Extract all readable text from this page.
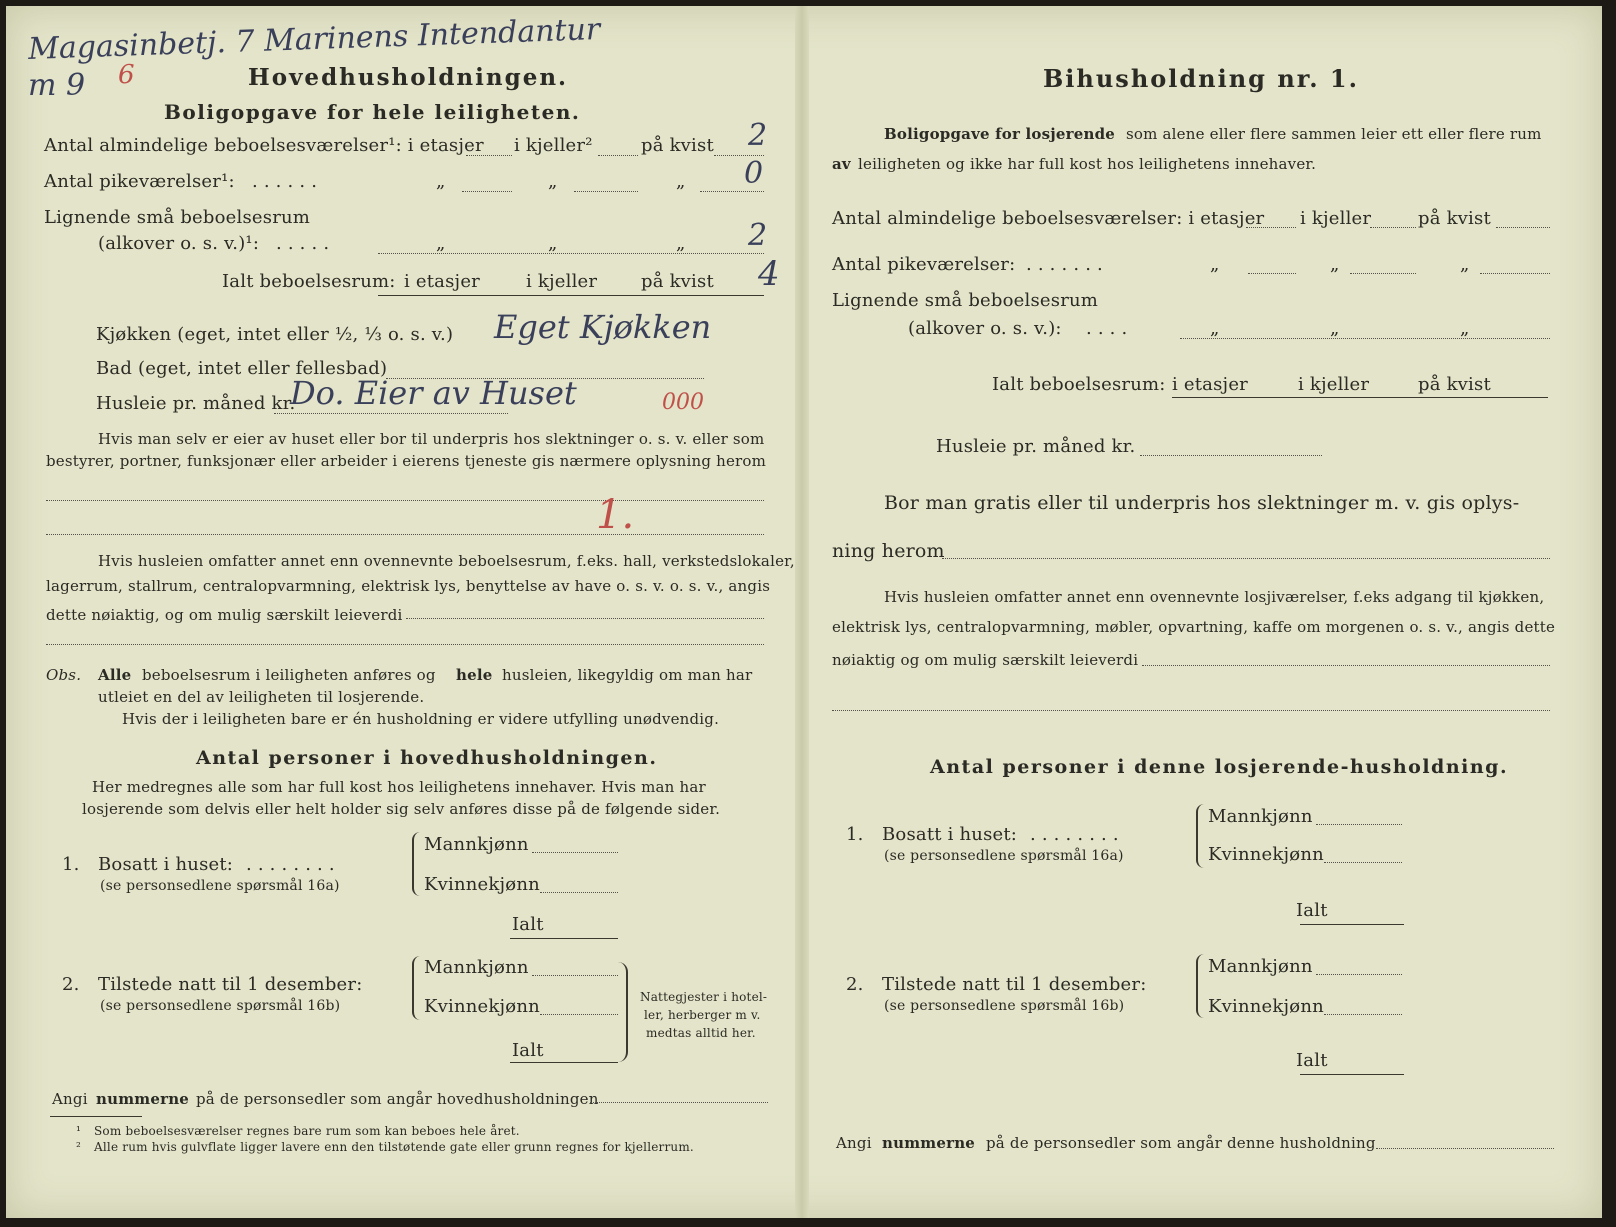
Magasinbetj. 7 Marinens Intendantur
m 9 6	Hovedhusholdningen.
Boligopgave for hele leiligheten.
Antal almindelige beboelsesværelser¹: i etasjer i kjeller²	på kvist 2
Antal pikeværelser¹: . . . . . .	„	„	„ 0
Lignende små beboelsesrum
(alkover o. s. v.)¹: . . . . .	„	„	„ 2
Ialt beboelsesrum: i etasjer	i kjeller på kvist 4
Kjøkken (eget, intet eller ½, ⅓ o. s. v.) Eget Kjøkken
Bad (eget, intet eller fellesbad)
Husleie pr. måned kr.
Do. Eier av Huset	000
Hvis man selv er eier av huset eller bor til underpris hos slektninger o. s. v. eller som
bestyrer, portner, funksjonær eller arbeider i eierens tjeneste gis nærmere oplysning herom
1.
Hvis husleien omfatter annet enn ovennevnte beboelsesrum, f.eks. hall, verkstedslokaler,
lagerrum, stallrum, centralopvarmning, elektrisk lys, benyttelse av have o. s. v. o. s. v., angis
dette nøiaktig, og om mulig særskilt leieverdi
Obs. Alle beboelsesrum i leiligheten anføres og hele husleien, likegyldig om man har
utleiet en del av leiligheten til losjerende.
Hvis der i leiligheten bare er én husholdning er videre utfylling unødvendig.
Antal personer i hovedhusholdningen.
Her medregnes alle som har full kost hos leilighetens innehaver. Hvis man har
losjerende som delvis eller helt holder sig selv anføres disse på de følgende sider.
1. Bosatt i huset: . . . . . . . .
(se personsedlene spørsmål 16a)
Mannkjønn
Kvinnekjønn
Ialt
2. Tilstede natt til 1 desember:
(se personsedlene spørsmål 16b)
Mannkjønn
Kvinnekjønn
Ialt
Nattegjester i hotel-
ler, herberger m v.
medtas alltid her.
Angi nummerne på de personsedler som angår hovedhusholdningen
¹ Som beboelsesværelser regnes bare rum som kan beboes hele året.
² Alle rum hvis gulvflate ligger lavere enn den tilstøtende gate eller grunn regnes for kjellerrum.
Bihusholdning nr. 1.
Boligopgave for losjerende som alene eller flere sammen leier ett eller flere rum
av leiligheten og ikke har full kost hos leilighetens innehaver.
Antal almindelige beboelsesværelser: i etasjer i kjeller	på kvist
Antal pikeværelser: . . . . . . .	„	„	„
Lignende små beboelsesrum
(alkover o. s. v.): . . . .	„	„	„
Ialt beboelsesrum: i etasjer	i kjeller	på kvist
Husleie pr. måned kr.
Bor man gratis eller til underpris hos slektninger m. v. gis oplys-
ning herom
Hvis husleien omfatter annet enn ovennevnte losjiværelser, f.eks adgang til kjøkken,
elektrisk lys, centralopvarmning, møbler, opvartning, kaffe om morgenen o. s. v., angis dette
nøiaktig og om mulig særskilt leieverdi
Antal personer i denne losjerende-husholdning.
1. Bosatt i huset: . . . . . . . .
(se personsedlene spørsmål 16a)
Mannkjønn
Kvinnekjønn
Ialt
2. Tilstede natt til 1 desember:
(se personsedlene spørsmål 16b)
Mannkjønn
Kvinnekjønn
Ialt
Angi nummerne på de personsedler som angår denne husholdning
